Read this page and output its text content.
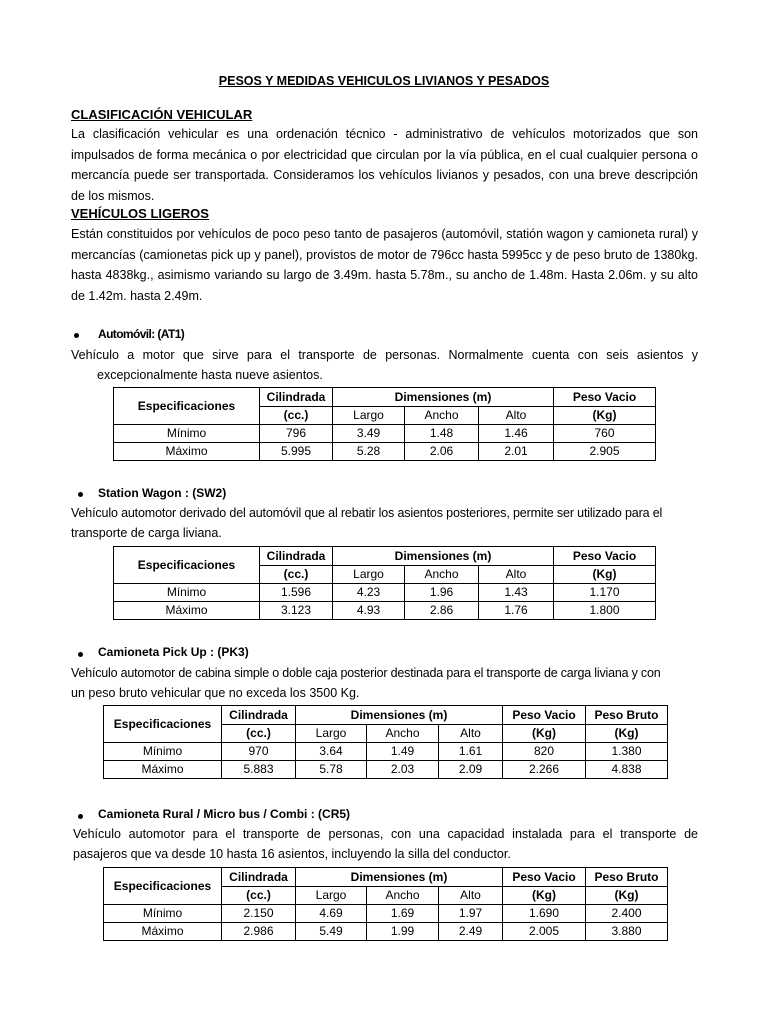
PESOS Y MEDIDAS VEHICULOS LIVIANOS Y PESADOS
CLASIFICACIÓN VEHICULAR
La clasificación vehicular es una ordenación técnico - administrativo de vehículos motorizados que son impulsados de forma mecánica o por electricidad que circulan por la vía pública, en el cual cualquier persona o mercancía puede ser transportada. Consideramos los vehículos livianos y pesados, con una breve descripción de los mismos.
VEHÍCULOS LIGEROS
Están constituidos por vehículos de poco peso tanto de pasajeros (automóvil, statión wagon y camioneta rural) y mercancías (camionetas pick up y panel), provistos de motor de 796cc hasta 5995cc y de peso bruto de 1380kg. hasta 4838kg., asimismo variando su largo de 3.49m. hasta 5.78m., su ancho de 1.48m. Hasta 2.06m. y su alto de 1.42m. hasta 2.49m.
Automóvil: (AT1)
Vehículo a motor que sirve para el transporte de personas. Normalmente cuenta con seis asientos y
excepcionalmente hasta nueve asientos.
Especificaciones	Cilindrada	Dimensiones (m)			Peso Vacio
	(cc.)	Largo	Ancho	Alto	(Kg)
Mínimo	796	3.49	1.48	1.46	760
Máximo	5.995	5.28	2.06	2.01	2.905
Station Wagon : (SW2)
Vehículo automotor derivado del automóvil que al rebatir los asientos posteriores, permite ser utilizado para el
transporte de carga liviana.
Especificaciones	Cilindrada	Dimensiones (m)			Peso Vacio
	(cc.)	Largo	Ancho	Alto	(Kg)
Mínimo	1.596	4.23	1.96	1.43	1.170
Máximo	3.123	4.93	2.86	1.76	1.800
Camioneta Pick Up : (PK3)
Vehículo automotor de cabina simple o doble caja posterior destinada para el transporte de carga liviana y con
un peso bruto vehicular que no exceda los 3500 Kg.
Especificaciones	Cilindrada	Dimensiones (m)			Peso Vacio	Peso Bruto
	(cc.)	Largo	Ancho	Alto	(Kg)	(Kg)
Mínimo	970	3.64	1.49	1.61	820	1.380
Máximo	5.883	5.78	2.03	2.09	2.266	4.838
Camioneta Rural / Micro bus / Combi : (CR5)
Vehículo automotor para el transporte de personas, con una capacidad instalada para el transporte de
pasajeros que va desde 10 hasta 16 asientos, incluyendo la silla del conductor.
Especificaciones	Cilindrada	Dimensiones (m)			Peso Vacio	Peso Bruto
	(cc.)	Largo	Ancho	Alto	(Kg)	(Kg)
Mínimo	2.150	4.69	1.69	1.97	1.690	2.400
Máximo	2.986	5.49	1.99	2.49	2.005	3.880
